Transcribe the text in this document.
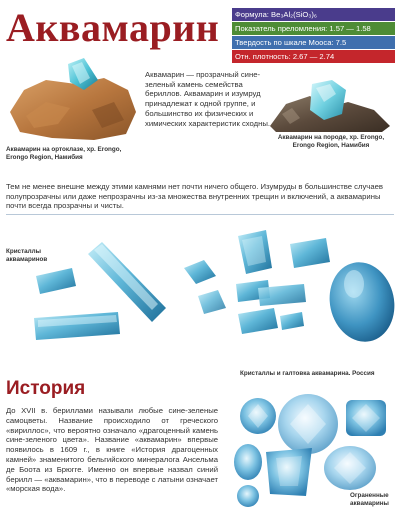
Аквамарин	Формула: Be₃Al₂(SiO₃)₆
Показатель преломления: 1.57 — 1.58
Твердость по шкале Мооса: 7.5
Отн. плотность: 2.67 — 2.74
Аквамарин на ортоклазе, хр. Erongo, Erongo Region, Намибия
Аквамарин — прозрачный сине-зеленый камень семейства бериллов. Аквамарин и изумруд принадлежат к одной группе, и большинство их физических и химических характеристик сходны.
Аквамарин на породе, хр. Erongo, Erongo Region, Намибия
Тем не менее внешне между этими камнями нет почти ничего общего. Изумруды в большинстве случаев полупрозрачны или даже непрозрачны из-за множества внутренних трещин и включений, а аквамарины почти всегда прозрачны и чисты.
Кристаллы аквамаринов
Кристаллы и галтовка аквамарина. Россия
История
До XVII в. бериллами называли любые сине-зеленые самоцветы. Название происходило от греческого «вириллос», что вероятно означало «драгоценный камень сине-зеленого цвета». Название «аквамарин» впервые появилось в 1609 г., в книге «История драгоценных камней» знаменитого бельгийского минералога Ансельма де Боота из Брюгге. Именно он впервые назвал синий берилл — «аквамарин», что в переводе с латыни означает «морская вода».
Ограненные аквамарины
